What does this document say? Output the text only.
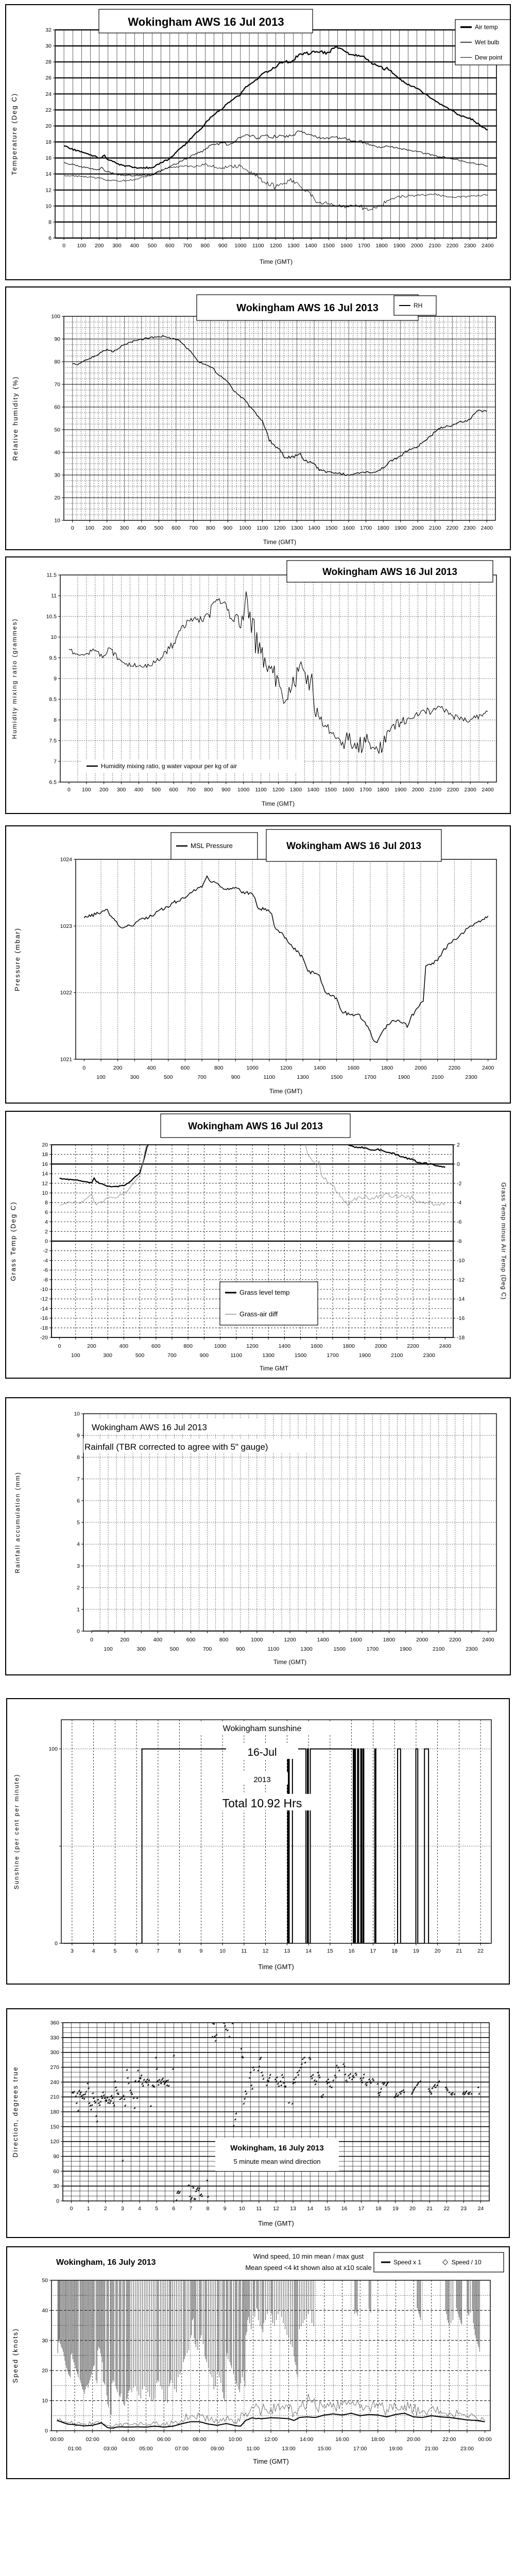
6
8
10
12
14
16
18
20
22
24
26
28
30
32
0 100 200 300 400 500 600 700 800 900 1000 1100 1200 1300 1400 1500 1600 1700 1800 1900 2000 2100 2200 2300 2400
Wokingham AWS 16 Jul 2013	Air temp
Wet bulb
Dew point
Temperature (Deg C)
Time (GMT)
10
20
30
40
50
60
70
80
90
100
0 100 200 300 400 500 600 700 800 900 1000 1100 1200 1300 1400 1500 1600 1700 1800 1900 2000 2100 2200 2300 2400
Wokingham AWS 16 Jul 2013	RH
Relative humidity (%)
Time (GMT)
6.5
7
7.5
8
8.5
9
9.5
10
10.5
11
11.5
0 100 200 300 400 500 600 700 800 900 1000 1100 1200 1300 1400 1500 1600 1700 1800 1900 2000 2100 2200 2300 2400
Wokingham AWS 16 Jul 2013
Humidity mixing ratio, g water vapour per kg of air
Humidity mixing ratio (grammes)
Time (GMT)
1021
1022
1023
1024
0
100
200
300
400
500
600
700
800
900
1000
1100
1200
1300
1400
1500
1600
1700
1800
1900
2000
2100
2200
2300
2400
MSL Pressure	Wokingham AWS 16 Jul 2013
Pressure (mbar)
Time (GMT)
-20
-18
-16
-14
-12
-10
-8
-6
-4
-2
0
2
4
6
8
10
12
14
16
18
20
-18
-16
-14
-12
-10
-8
-6
-4
-2
0
2
0
100
200
300
400
500
600
700
800
900
1000
1100
1200
1300
1400
1500
1600
1700
1800
1900
2000
2100
2200
2300
2400
Wokingham AWS 16 Jul 2013
Grass level temp
Grass-air diff
Grass Temp (Deg C)	Grass Temp minus Air Temp (Deg C)
Time GMT
0
1
2
3
4
5
6
7
8
9
10
0
100
200
300
400
500
600
700
800
900
1000
1100
1200
1300
1400
1500
1600
1700
1800
1900
2000
2100
2200
2300
2400
Wokingham AWS 16 Jul 2013
Rainfall (TBR corrected to agree with 5" gauge)
Rainfall accumulation (mm)
Time (GMT)
0
100
3	4	5	6	7	8	9	10	11	12	13	14	15	16	17	18	19	20	21	22
Wokingham sunshine
16-Jul
2013
Total 10.92 Hrs
Sunshine (per cent per minute)
Time (GMT)
0
30
60
90
120
150
180
210
240
270
300
330
360
0	1	2	3	4	5	6	7	8	9 10 11 12 13 14 15 16 17 18 19 20 21 22 23 24
Wokingham, 16 July 2013
5 minute mean wind direction
Direction, degrees true
Time (GMT)
0
10
20
30
40
50
00:00
01:00
02:00
03:00
04:00
05:00
06:00
07:00
08:00
09:00
10:00
11:00
12:00
13:00
14:00
15:00
16:00
17:00
18:00
19:00
20:00
21:00
22:00
23:00
00:00
Wokingham, 16 July 2013
Wind speed, 10 min mean / max gust
Mean speed <4 kt shown also at x10 scale
Speed x 1	Speed / 10
Speed (knots)
Time (GMT)
